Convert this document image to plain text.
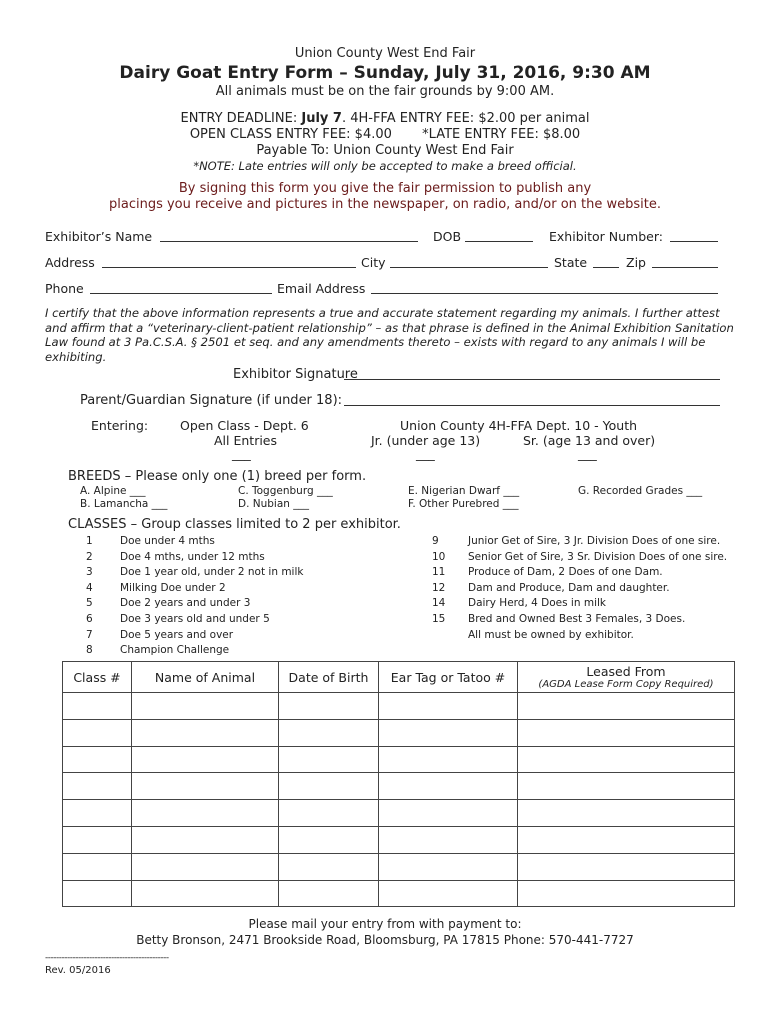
Union County West End Fair
Dairy Goat Entry Form – Sunday, July 31, 2016, 9:30 AM
All animals must be on the fair grounds by 9:00 AM.
ENTRY DEADLINE: July 7. 4H-FFA ENTRY FEE: $2.00 per animal
OPEN CLASS ENTRY FEE: $4.00 *LATE ENTRY FEE: $8.00
Payable To: Union County West End Fair
*NOTE: Late entries will only be accepted to make a breed official.
By signing this form you give the fair permission to publish any
placings you receive and pictures in the newspaper, on radio, and/or on the website.
Exhibitor’s Name	DOB	Exhibitor Number:
Address	City	State	Zip
Phone	Email Address
I certify that the above information represents a true and accurate statement regarding my animals. I further attest
and affirm that a “veterinary-client-patient relationship” – as that phrase is defined in the Animal Exhibition Sanitation
Law found at 3 Pa.C.S.A. § 2501 et seq. and any amendments thereto – exists with regard to any animals I will be
exhibiting.
Exhibitor Signature
Parent/Guardian Signature (if under 18):
Entering:	Open Class - Dept. 6
All Entries
___
Union County 4H-FFA Dept. 10 - Youth
Jr. (under age 13)	Sr. (age 13 and over)
___	___
BREEDS – Please only one (1) breed per form.
A. Alpine ___
B. Lamancha ___
C. Toggenburg ___
D. Nubian ___
E. Nigerian Dwarf ___
F. Other Purebred ___
G. Recorded Grades ___
CLASSES – Group classes limited to 2 per exhibitor.
1	Doe under 4 mths
2	Doe 4 mths, under 12 mths
3	Doe 1 year old, under 2 not in milk
4	Milking Doe under 2
5	Doe 2 years and under 3
6	Doe 3 years old and under 5
7	Doe 5 years and over
8	Champion Challenge
9	Junior Get of Sire, 3 Jr. Division Does of one sire.
10 Senior Get of Sire, 3 Sr. Division Does of one sire.
11 Produce of Dam, 2 Does of one Dam.
12 Dam and Produce, Dam and daughter.
14 Dairy Herd, 4 Does in milk
15 Bred and Owned Best 3 Females, 3 Does.
All must be owned by exhibitor.
Class #	Name of Animal	Date of Birth	Ear Tag or Tatoo #	Leased From
(AGDA Lease Form Copy Required)

Please mail your entry from with payment to:
Betty Bronson, 2471 Brookside Road, Bloomsburg, PA 17815 Phone: 570-441-7727
---------------------------------------------
Rev. 05/2016
